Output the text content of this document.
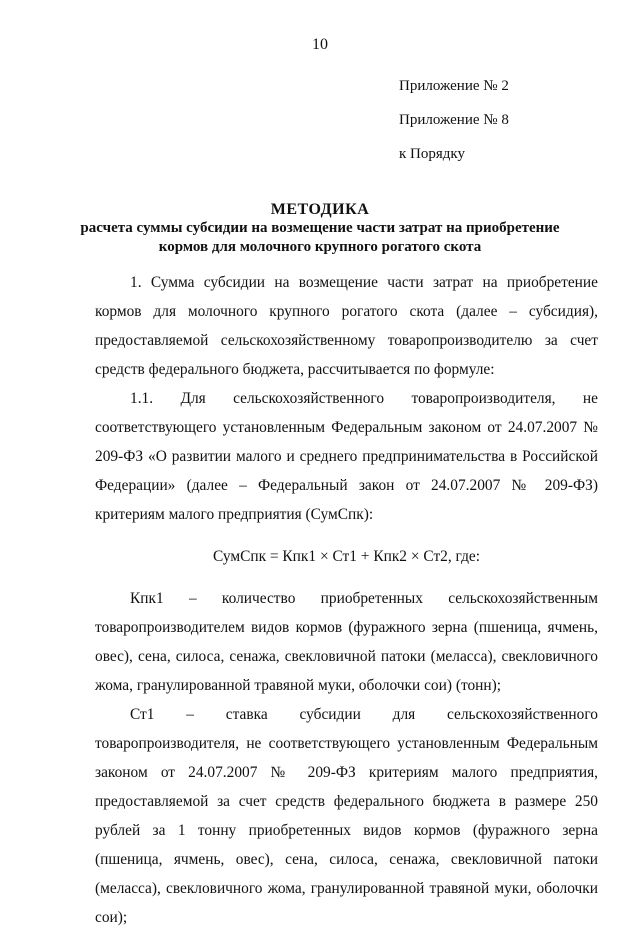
10
Приложение № 2
Приложение № 8
к Порядку
МЕТОДИКА
расчета суммы субсидии на возмещение части затрат на приобретение
кормов для молочного крупного рогатого скота

1. Сумма субсидии на возмещение части затрат на приобретение кормов для молочного крупного рогатого скота (далее – субсидия), предоставляемой сельскохозяйственному товаропроизводителю за счет средств федерального бюджета, рассчитывается по формуле:

1.1. Для сельскохозяйственного товаропроизводителя, не

соответствующего установленным Федеральным законом от 24.07.2007 № 209-ФЗ «О развитии малого и среднего предпринимательства в Российской Федерации» (далее – Федеральный закон от 24.07.2007 № 209-ФЗ) критериям малого предприятия (СумСпк):

СумСпк = Кпк1 × Ст1 + Кпк2 × Ст2, где:

Кпк1 – количество приобретенных сельскохозяйственным

товаропроизводителем видов кормов (фуражного зерна (пшеница, ячмень, овес), сена, силоса, сенажа, свекловичной патоки (меласса), свекловичного жома, гранулированной травяной муки, оболочки сои) (тонн);

Ст1 – ставка субсидии для сельскохозяйственного

товаропроизводителя, не соответствующего установленным Федеральным законом от 24.07.2007 № 209-ФЗ критериям малого предприятия, предоставляемой за счет средств федерального бюджета в размере 250 рублей за 1 тонну приобретенных видов кормов (фуражного зерна (пшеница, ячмень, овес), сена, силоса, сенажа, свекловичной патоки (меласса), свекловичного жома, гранулированной травяной муки, оболочки сои);
